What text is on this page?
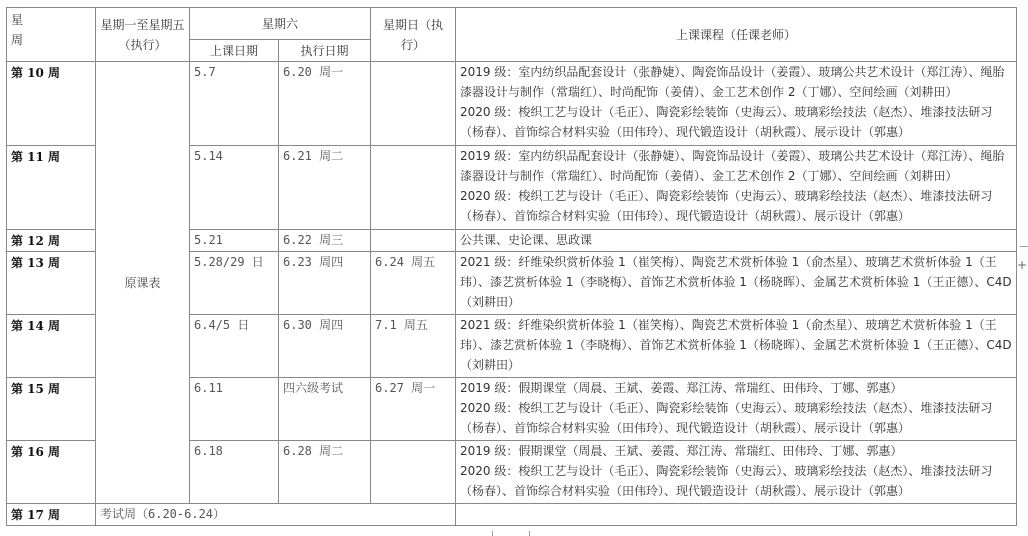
星
周	星期一至星期五（执行）	星期六		星期日（执行）	上课课程（任课老师）
		上课日期	执行日期		
第 10 周	原课表	5.7	6.20 周一		2019 级：室内纺织品配套设计（张静婕）、陶瓷饰品设计（姜霞）、玻璃公共艺术设计（郑江涛）、绳胎漆器设计与制作（常瑞红）、时尚配饰（姜倩）、金工艺术创作 2（丁娜）、空间绘画（刘耕田）

2020 级：梭织工艺与设计（毛正）、陶瓷彩绘装饰（史海云）、玻璃彩绘技法（赵杰）、堆漆技法研习（杨春）、首饰综合材料实验（田伟玲）、现代锻造设计（胡秋霞）、展示设计（郭惠）

第 11 周		5.14	6.21 周二		2019 级：室内纺织品配套设计（张静婕）、陶瓷饰品设计（姜霞）、玻璃公共艺术设计（郑江涛）、绳胎漆器设计与制作（常瑞红）、时尚配饰（姜倩）、金工艺术创作 2（丁娜）、空间绘画（刘耕田）

2020 级：梭织工艺与设计（毛正）、陶瓷彩绘装饰（史海云）、玻璃彩绘技法（赵杰）、堆漆技法研习（杨春）、首饰综合材料实验（田伟玲）、现代锻造设计（胡秋霞）、展示设计（郭惠）

第 12 周		5.21	6.22 周三		公共课、史论课、思政课

第 13 周		5.28/29 日	6.23 周四	6.24 周五	2021 级：纤维染织赏析体验 1（崔笑梅）、陶瓷艺术赏析体验 1（俞杰星）、玻璃艺术赏析体验 1（王玮）、漆艺赏析体验 1（李晓梅）、首饰艺术赏析体验 1（杨晓晖）、金属艺术赏析体验 1（王正德）、C4D（刘耕田）

第 14 周		6.4/5 日	6.30 周四	7.1 周五	2021 级：纤维染织赏析体验 1（崔笑梅）、陶瓷艺术赏析体验 1（俞杰星）、玻璃艺术赏析体验 1（王玮）、漆艺赏析体验 1（李晓梅）、首饰艺术赏析体验 1（杨晓晖）、金属艺术赏析体验 1（王正德）、C4D（刘耕田）

第 15 周		6.11	四六级考试	6.27 周一	2019 级：假期课堂（周晨、王斌、姜霞、郑江涛、常瑞红、田伟玲、丁娜、郭惠）

2020 级：梭织工艺与设计（毛正）、陶瓷彩绘装饰（史海云）、玻璃彩绘技法（赵杰）、堆漆技法研习（杨春）、首饰综合材料实验（田伟玲）、现代锻造设计（胡秋霞）、展示设计（郭惠）

第 16 周		6.18	6.28 周二		2019 级：假期课堂（周晨、王斌、姜霞、郑江涛、常瑞红、田伟玲、丁娜、郭惠）

2020 级：梭织工艺与设计（毛正）、陶瓷彩绘装饰（史海云）、玻璃彩绘技法（赵杰）、堆漆技法研习（杨春）、首饰综合材料实验（田伟玲）、现代锻造设计（胡秋霞）、展示设计（郭惠）

第 17 周	考试周（6.20-6.24）				
+
